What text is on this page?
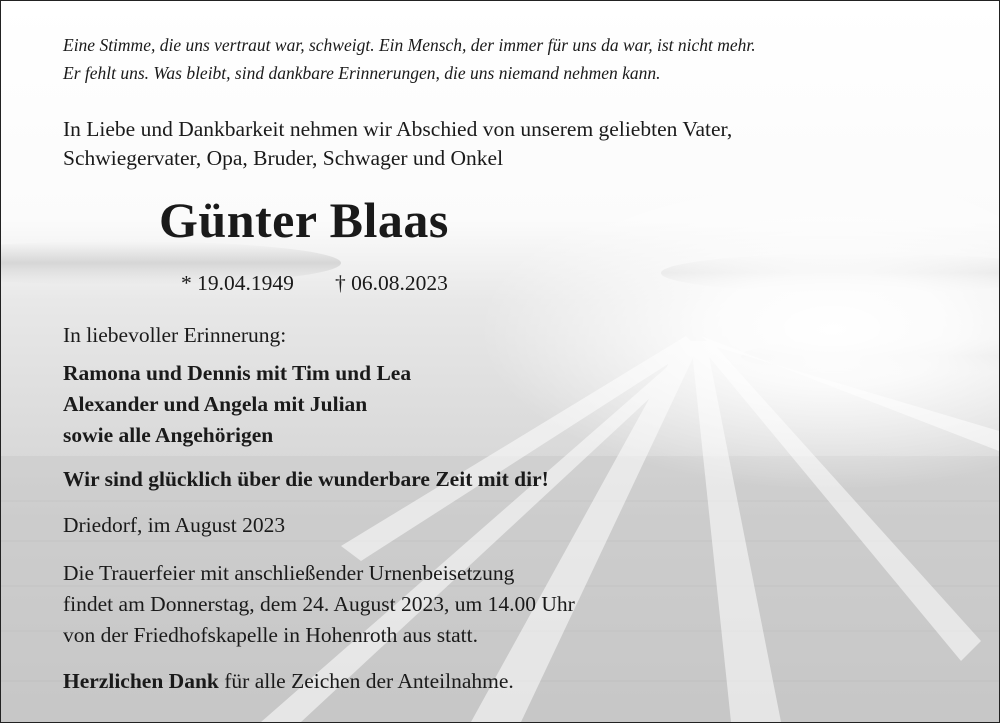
Eine Stimme, die uns vertraut war, schweigt. Ein Mensch, der immer für uns da war, ist nicht mehr.
Er fehlt uns. Was bleibt, sind dankbare Erinnerungen, die uns niemand nehmen kann.
In Liebe und Dankbarkeit nehmen wir Abschied von unserem geliebten Vater,
Schwiegervater, Opa, Bruder, Schwager und Onkel
Günter Blaas
* 19.04.1949 † 06.08.2023
In liebevoller Erinnerung:
Ramona und Dennis mit Tim und Lea
Alexander und Angela mit Julian
sowie alle Angehörigen
Wir sind glücklich über die wunderbare Zeit mit dir!
Driedorf, im August 2023
Die Trauerfeier mit anschließender Urnenbeisetzung
findet am Donnerstag, dem 24. August 2023, um 14.00 Uhr
von der Friedhofskapelle in Hohenroth aus statt.
Herzlichen Dank für alle Zeichen der Anteilnahme.
